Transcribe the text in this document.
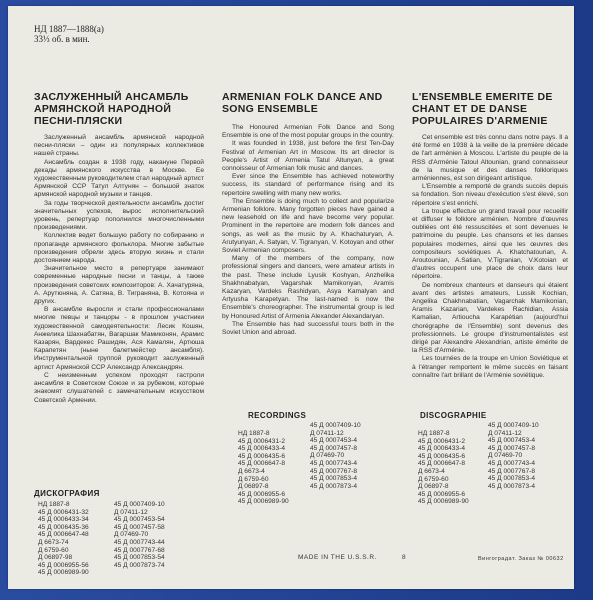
НД 1887—1888(а)
33⅓ об. в мин.
ЗАСЛУЖЕННЫЙ АНСАМБЛЬ АРМЯНСКОЙ НАРОДНОЙ ПЕСНИ-ПЛЯСКИ
ARMENIAN FOLK DANCE AND SONG ENSEMBLE
L'ENSEMBLE EMERITE DE CHANT ET DE DANSE POPULAIRES D'ARMENIE

Заслуженный ансамбль армянской народной песни-пляски – один из популярных коллективов нашей страны.

Ансамбль создан в 1938 году, накануне Первой декады армянского искусства в Москве. Ее художественным руководителем стал народный артист Армянской ССР Татул Алтунян – большой знаток армянской народной музыки и танцев.

За годы творческой деятельности ансамбль достиг значительных успехов, вырос исполнительский уровень, репертуар пополнился многочисленными произведениями.

Коллектив ведет большую работу по собиранию и пропаганде армянского фольклора. Многие забытые произведения обрели здесь вторую жизнь и стали достоянием народа.

Значительное место в репертуаре занимают современные народные песни и танцы, а также произведения советских композиторов: А. Хачатуряна, А. Арутюняна, А. Сатяна, В. Тиграняна, В. Котояна и других.

В ансамбле выросли и стали профессионалами многие певцы и танцоры - в прошлом участники художественной самодеятельности: Лесик Кошян, Анжелика Шахнабатян, Вагаршак Мамиконян, Арамис Казарян, Вардекес Рашидян, Ася Камалян, Артюша Карапетян (ныне балетмейстер ансамбля). Инструментальной группой руководит заслуженный артист Армянской ССР Александр Александрян.

С неизменным успехом проходят гастроли ансамбля в Советском Союзе и за рубежом, которые знакомят слушателей с замечательным искусством Советской Армении.

The Honoured Armenian Folk Dance and Song Ensemble is one of the most popular groups in the country.

It was founded in 1938, just before the first Ten-Day Festival of Armenian Art in Moscow. Its art director is People's Artist of Armenia Tatul Altunyan, a great connoisseur of Armenian folk music and dances.

Ever since the Ensemble has achieved noteworthy success, its standard of performance rising and its repertoire swelling with many new works.

The Ensemble is doing much to collect and popularize Armenian folklore. Many forgotten pieces have gained a new leasehold on life and have become very popular. Prominent in the repertoire are modern folk dances and songs, as well as the music by A. Khachaturyan, A. Arutyunyan, A. Satyan, V. Tigranyan, V. Kotoyan and other Soviet Armenian composers.

Many of the members of the company, now professional singers and dancers, were amateur artists in the past. These include Lyusik Koshyan, Anzhelika Shakhnabatyan, Vagarshak Mamikonyan, Aramis Kazaryan, Vardeks Rashidyan, Asya Kamalyan and Artyusha Karapetyan. The last-named is now the Ensemble's choreographer. The instrumental group is led by Honoured Artist of Armenia Alexander Alexandaryan.

The Ensemble has had successful tours both in the Soviet Union and abroad.

Cet ensemble est très connu dans notre pays. Il a été formé en 1938 à la veille de la première décade de l'art arménien à Moscou. L'artiste du peuple de la RSS d'Arménie Tatoul Altounian, grand connaisseur de la musique et des danses folkloriques arméniennes, est son dirigeant artistique.

L'Ensemble a remporté de grands succès depuis sa fondation. Son niveau d'exécution s'est élevé, son répertoire s'est enrichi.

La troupe effectue un grand travail pour recueillir et diffuser le folklore arménien. Nombre d'œuvres oubliées ont été ressuscitées et sont devenues le patrimoine du peuple. Les chansons et les danses populaires modernes, ainsi que les œuvres des compositeurs soviétiques A. Khatchatourian, A. Aroutounian, A.Satian, V.Tigranian, V.Kotoian et d'autres occupent une place de choix dans leur répertoire.

De nombreux chanteurs et danseurs qui étaient avant des artistes amateurs, Lussik Kochian, Angelika Chakhnabatian, Vagarchak Mamikonian, Aramis Kazarian, Vardekes Rachidian, Assia Kamalian, Artioucha Karapétian (aujourd'hui chorégraphe de l'Ensemble) sont devenus des professionnels. Le groupe d'instrumentalistes est dirigé par Alexandre Alexandrian, artiste émérite de la RSS d'Arménie.

Les tournées de la troupe en Union Soviétique et à l'étranger remportent le même succès en faisant connaître l'art brillant de l'Arménie soviétique.

ДИСКОГРАФИЯ
RECORDINGS	DISCOGRAPHIE
НД 1887-8
45 Д 0006431-32
45 Д 0006433-34
45 Д 0006435-36
45 Д 0006647-48
Д 6673-74
Д 6759-60
Д 06897-98
45 Д 0006955-56
45 Д 0006989-90
45 Д 0007409-10
Д 07411-12
45 Д 0007453-54
45 Д 0007457-58
Д 07469-70
45 Д 0007743-44
45 Д 0007767-68
45 Д 0007853-54
45 Д 0007873-74
НД 1887-8
45 Д 0006431-2
45 Д 0006433-4
45 Д 0006435-6
45 Д 0006647-8
Д 6673-4
Д 6759-60
Д 06897-8
45 Д 0006955-6
45 Д 0006989-90
45 Д 0007409-10
Д 07411-12
45 Д 0007453-4
45 Д 0007457-8
Д 07469-70
45 Д 0007743-4
45 Д 0007767-8
45 Д 0007853-4
45 Д 0007873-4
НД 1887-8
45 Д 0006431-2
45 Д 0006433-4
45 Д 0006435-6
45 Д 0006647-8
Д 6673-4
Д 6759-60
Д 06897-8
45 Д 0006955-6
45 Д 0006989-90
45 Д 0007409-10
Д 07411-12
45 Д 0007453-4
45 Д 0007457-8
Д 07469-70
45 Д 0007743-4
45 Д 0007767-8
45 Д 0007853-4
45 Д 0007873-4
MADE IN THE U.S.S.R.	8	Вингоградат. Заказ № 00632
